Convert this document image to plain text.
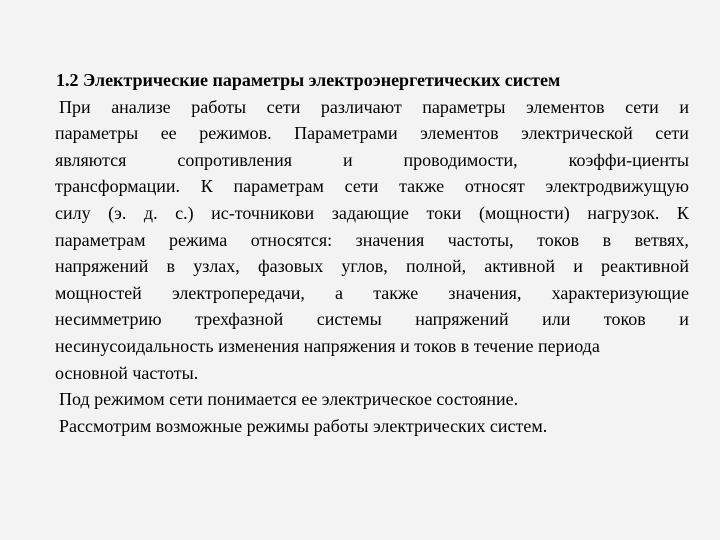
1.2 Электрические параметры электроэнергетических систем
При анализе работы сети различают параметры элементов сети и
параметры ее режимов. Параметрами элементов электрической сети
являются	сопротивления	и	проводимости,	коэффи-циенты
трансформации. К параметрам сети также относят электродвижущую
силу (э. д. с.) ис-точникови задающие токи (мощности) нагрузок. К
параметрам режима относятся: значения частоты, токов в ветвях,
напряжений в узлах, фазовых углов, полной, активной и реактивной
мощностей электропередачи, а также значения, характеризующие
несимметрию трехфазной системы напряжений или токов и
несинусоидальность изменения напряжения и токов в течение периода
основной частоты.
Под режимом сети понимается ее электрическое состояние.
Рассмотрим возможные режимы работы электрических систем.
